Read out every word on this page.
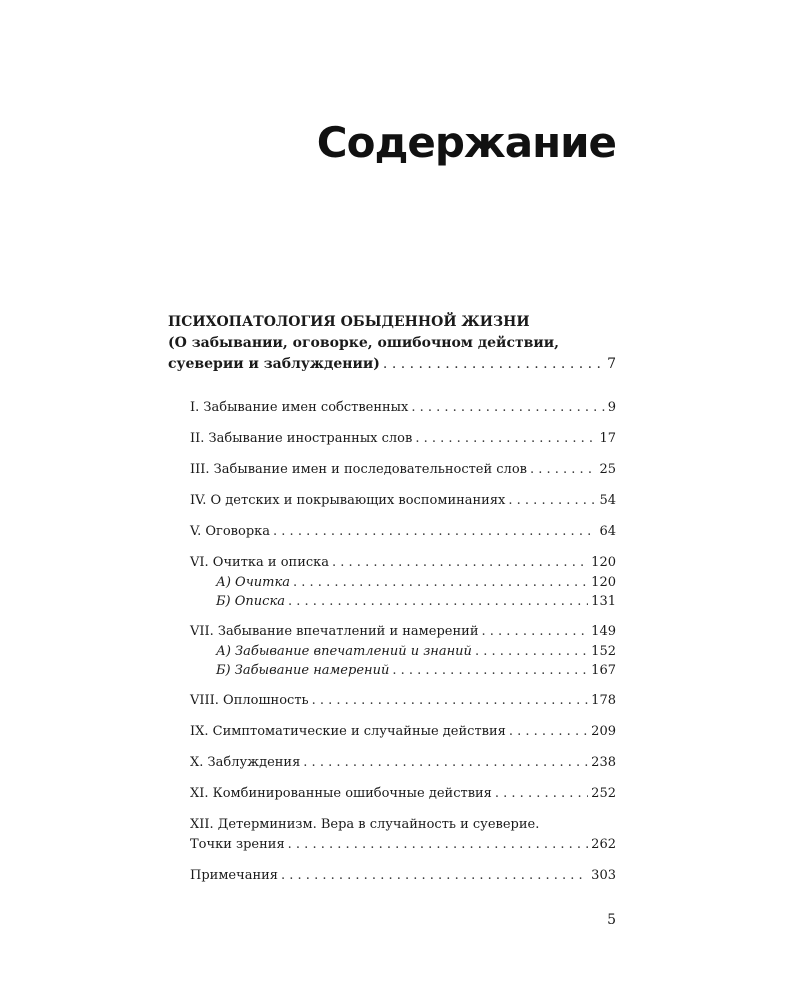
Содержание
ПСИХОПАТОЛОГИЯ ОБЫДЕННОЙ ЖИЗНИ
(О забывании, оговорке, ошибочном действии,
суеверии и заблуждении) . . .	7
I. Забывание имен собственных . . .	9
II. Забывание иностранных слов . . .	17
III. Забывание имен и последовательностей слов . . .	25
IV. О детских и покрывающих воспоминаниях . . .	54
V. Оговорка . . .	64
VI. Очитка и описка . . .	120
А) Очитка . . .	120
Б) Описка . . .	131
VII. Забывание впечатлений и намерений . . .	149
А) Забывание впечатлений и знаний . . .	152
Б) Забывание намерений . . .	167
VIII. Оплошность . . .	178
IX. Симптоматические и случайные действия . . .	209
X. Заблуждения . . .	238
XI. Комбинированные ошибочные действия . . .	252
XII. Детерминизм. Вера в случайность и суеверие.
Точки зрения . . .	262
Примечания . . .	303
5
